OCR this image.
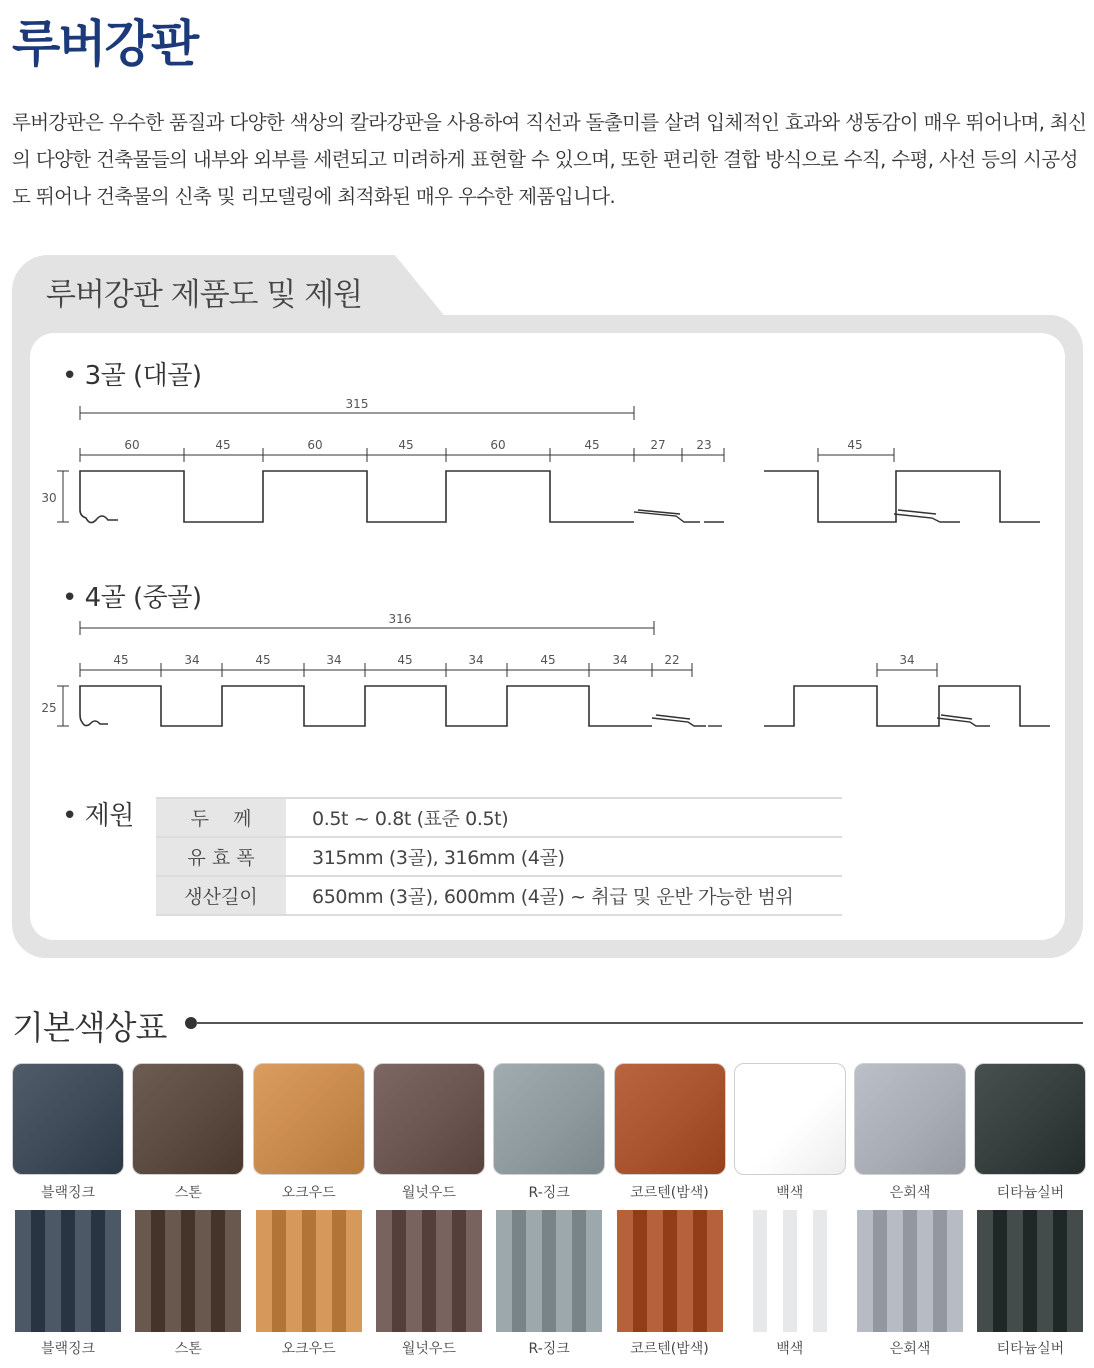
루버강판

루버강판은 우수한 품질과 다양한 색상의 칼라강판을 사용하여 직선과 돌출미를 살려 입체적인 효과와 생동감이 매우 뛰어나며, 최신의 다양한 건축물들의 내부와 외부를 세련되고 미려하게 표현할 수 있으며, 또한 편리한 결합 방식으로 수직, 수평, 사선 등의 시공성도 뛰어나 건축물의 신축 및 리모델링에 최적화된 매우 우수한 제품입니다.

루버강판 제품도 및 제원
• 3골 (대골)
• 4골 (중골)
• 제원
315
60	45	60	45	60	45	27	23	45
30
316
45	34	45	34	45	34	45	34	22	34
25
두    께	0.5t ~ 0.8t (표준 0.5t)
유 효 폭	315mm (3골), 316mm (4골)
생산길이	650mm (3골), 600mm (4골) ~ 취급 및 운반 가능한 범위
기본색상표
블랙징크
블랙징크
스톤
스톤
오크우드
오크우드
월넛우드
월넛우드
R-징크
R-징크
코르텐(밤색)
코르텐(밤색)
백색
백색
은회색
은회색
티타늄실버
티타늄실버
